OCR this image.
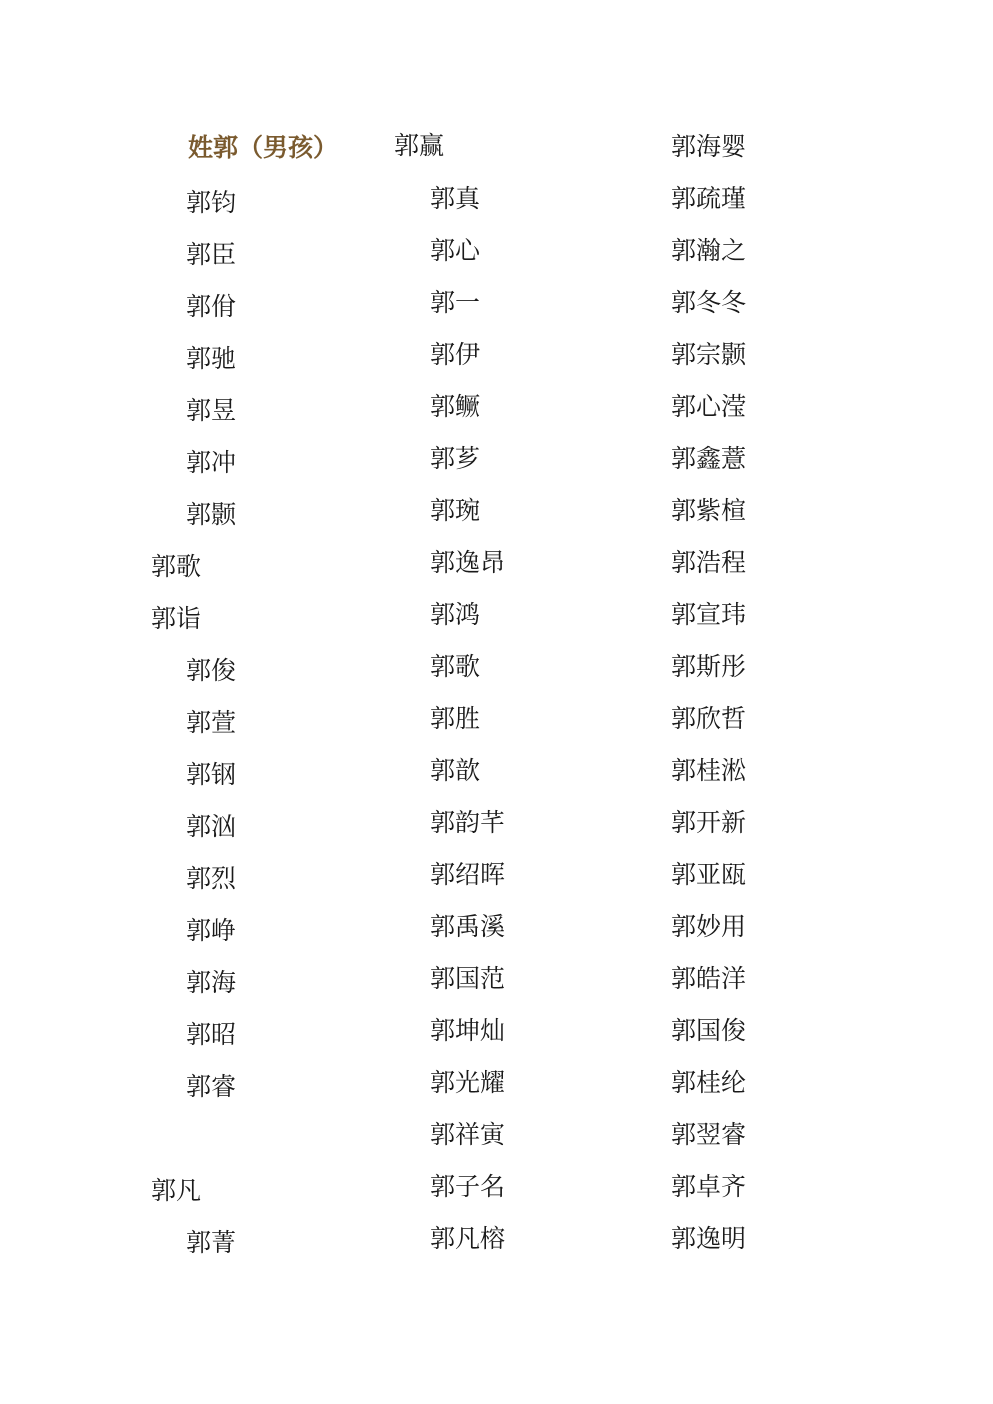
姓郭（男孩）
郭钧
郭臣
郭佾
郭驰
郭昱
郭冲
郭颢
郭歌
郭诣
郭俊
郭萱
郭钢
郭汹
郭烈
郭峥
郭海
郭昭
郭睿
郭凡
郭菁
郭赢
郭真
郭心
郭一
郭伊
郭鳜
郭芗
郭琬
郭逸昂
郭鸿
郭歌
郭胜
郭歆
郭韵芊
郭绍晖
郭禹溪
郭国范
郭坤灿
郭光耀
郭祥寅
郭子名
郭凡榕
郭海婴
郭疏瑾
郭瀚之
郭冬冬
郭宗颢
郭心滢
郭鑫薏
郭紫楦
郭浩程
郭宣玮
郭斯彤
郭欣哲
郭桂淞
郭开新
郭亚瓯
郭妙用
郭皓洋
郭国俊
郭桂纶
郭翌睿
郭卓齐
郭逸明
